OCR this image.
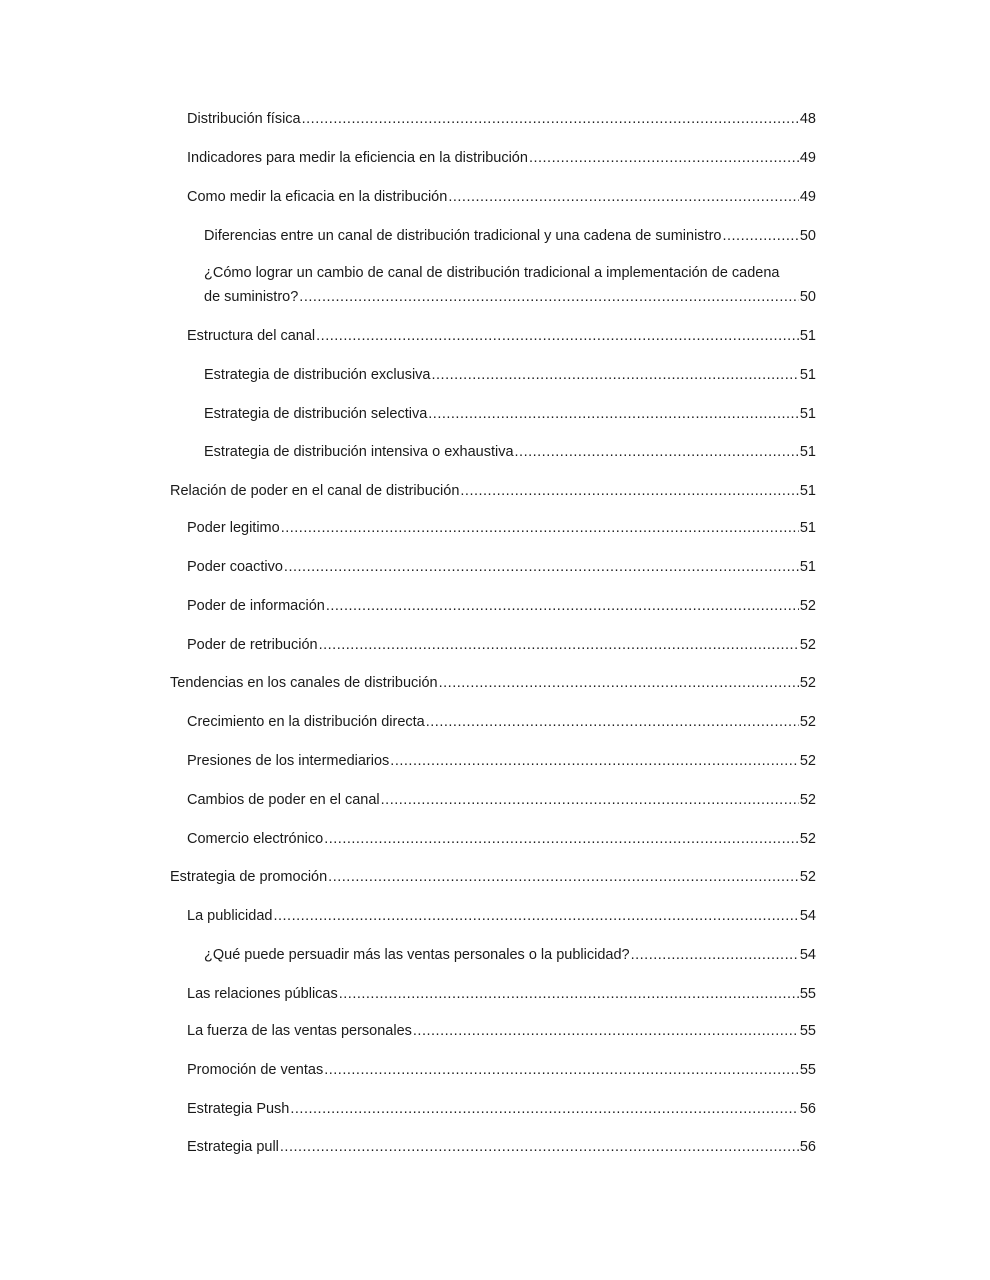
Distribución física .....	48
Indicadores para medir la eficiencia en la distribución .....	49
Como medir la eficacia en la distribución .....	49
Diferencias entre un canal de distribución tradicional y una cadena de suministro .....	50
¿Cómo lograr un cambio de canal de distribución tradicional a implementación de cadena
de suministro? .....	50
Estructura del canal .....	51
Estrategia de distribución exclusiva .....	51
Estrategia de distribución selectiva .....	51
Estrategia de distribución intensiva o exhaustiva .....	51
Relación de poder en el canal de distribución .....	51
Poder legitimo .....	51
Poder coactivo .....	51
Poder de información .....	52
Poder de retribución .....	52
Tendencias en los canales de distribución .....	52
Crecimiento en la distribución directa .....	52
Presiones de los intermediarios .....	52
Cambios de poder en el canal .....	52
Comercio electrónico .....	52
Estrategia de promoción .....	52
La publicidad .....	54
¿Qué puede persuadir más las ventas personales o la publicidad? .....	54
Las relaciones públicas .....	55
La fuerza de las ventas personales .....	55
Promoción de ventas .....	55
Estrategia Push .....	56
Estrategia pull .....	56
